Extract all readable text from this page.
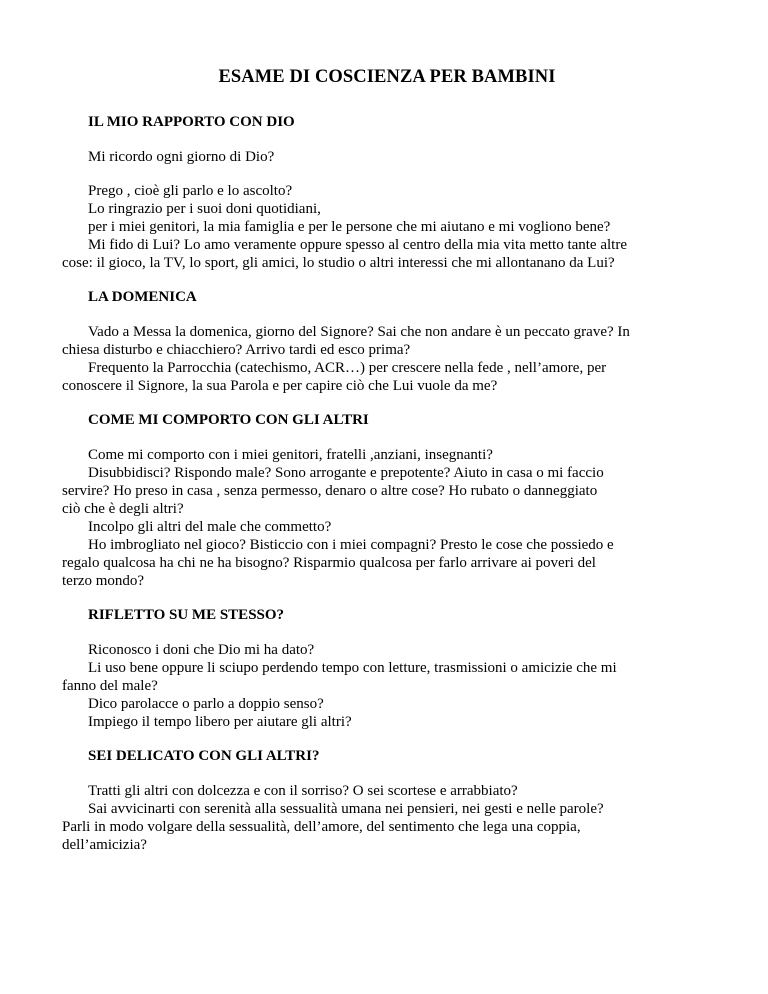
ESAME DI COSCIENZA PER BAMBINI
IL MIO RAPPORTO CON DIO
Mi ricordo ogni giorno di Dio?
Prego , cioè gli parlo e lo ascolto?
Lo ringrazio per i suoi doni quotidiani,
per i miei genitori, la mia famiglia e per le persone che mi aiutano e mi vogliono bene?
Mi fido di Lui? Lo amo veramente oppure spesso al centro della mia vita metto tante altre
cose: il gioco, la TV, lo sport, gli amici, lo studio o altri interessi che mi allontanano da Lui?
LA DOMENICA
Vado a Messa la domenica, giorno del Signore? Sai che non andare è un peccato grave? In
chiesa disturbo e chiacchiero? Arrivo tardi ed esco prima?
Frequento la Parrocchia (catechismo, ACR…) per crescere nella fede , nell’amore, per
conoscere il Signore, la sua Parola e per capire ciò che Lui vuole da me?
COME MI COMPORTO CON GLI ALTRI
Come mi comporto con i miei genitori, fratelli ,anziani, insegnanti?
Disubbidisci? Rispondo male? Sono arrogante e prepotente? Aiuto in casa o mi faccio
servire? Ho preso in casa , senza permesso, denaro o altre cose? Ho rubato o danneggiato
ciò che è degli altri?
Incolpo gli altri del male che commetto?
Ho imbrogliato nel gioco? Bisticcio con i miei compagni? Presto le cose che possiedo e
regalo qualcosa ha chi ne ha bisogno? Risparmio qualcosa per farlo arrivare ai poveri del
terzo mondo?
RIFLETTO SU ME STESSO?
Riconosco i doni che Dio mi ha dato?
Li uso bene oppure li sciupo perdendo tempo con letture, trasmissioni o amicizie che mi
fanno del male?
Dico parolacce o parlo a doppio senso?
Impiego il tempo libero per aiutare gli altri?
SEI DELICATO CON GLI ALTRI?
Tratti gli altri con dolcezza e con il sorriso? O sei scortese e arrabbiato?
Sai avvicinarti con serenità alla sessualità umana nei pensieri, nei gesti e nelle parole?
Parli in modo volgare della sessualità, dell’amore, del sentimento che lega una coppia,
dell’amicizia?
